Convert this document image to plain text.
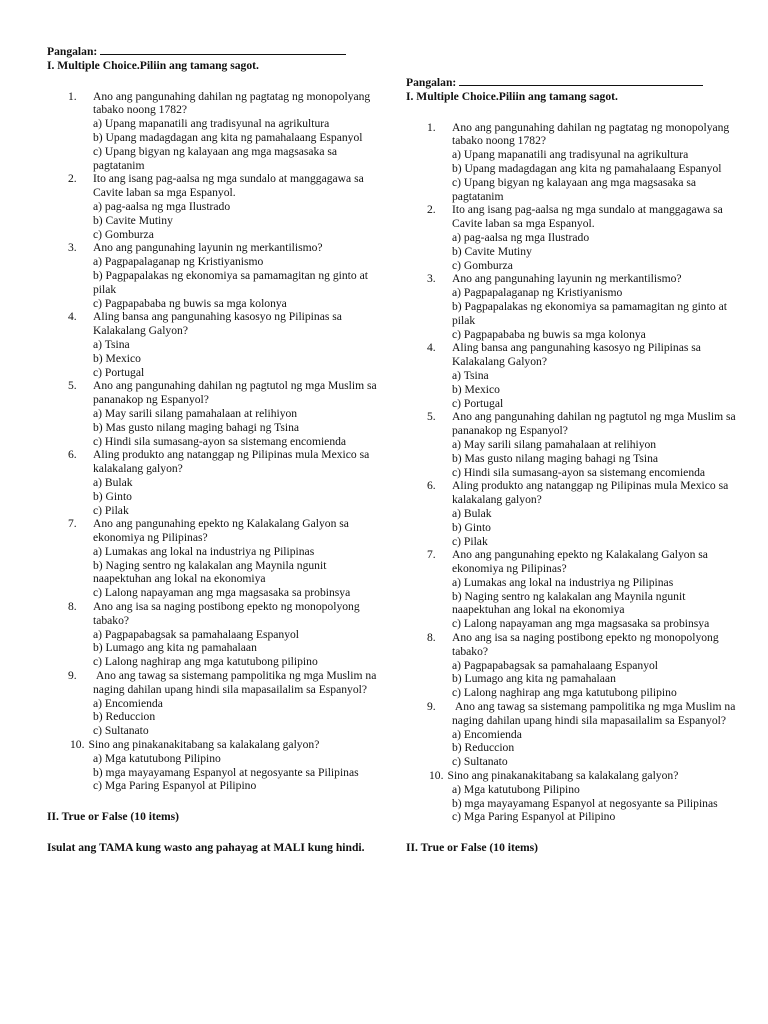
Pangalan:
I. Multiple Choice.Piliin ang tamang sagot.
1. Ano ang pangunahing dahilan ng pagtatag ng monopolyang tabako noong 1782?
a) Upang mapanatili ang tradisyunal na agrikultura
b) Upang madagdagan ang kita ng pamahalaang Espanyol
c) Upang bigyan ng kalayaan ang mga magsasaka sa pagtatanim
2. Ito ang isang pag-aalsa ng mga sundalo at manggagawa sa Cavite laban sa mga Espanyol.
a) pag-aalsa ng mga Ilustrado
b) Cavite Mutiny
c) Gomburza
3. Ano ang pangunahing layunin ng merkantilismo?
a) Pagpapalaganap ng Kristiyanismo
b) Pagpapalakas ng ekonomiya sa pamamagitan ng ginto at pilak
c) Pagpapababa ng buwis sa mga kolonya
4. Aling bansa ang pangunahing kasosyo ng Pilipinas sa Kalakalang Galyon?
a) Tsina
b) Mexico
c) Portugal
5. Ano ang pangunahing dahilan ng pagtutol ng mga Muslim sa pananakop ng Espanyol?
a) May sarili silang pamahalaan at relihiyon
b) Mas gusto nilang maging bahagi ng Tsina
c) Hindi sila sumasang-ayon sa sistemang encomienda
6. Aling produkto ang natanggap ng Pilipinas mula Mexico sa kalakalang galyon?
a) Bulak
b) Ginto
c) Pilak
7. Ano ang pangunahing epekto ng Kalakalang Galyon sa ekonomiya ng Pilipinas?
a) Lumakas ang lokal na industriya ng Pilipinas
b) Naging sentro ng kalakalan ang Maynila ngunit naapektuhan ang lokal na ekonomiya
c) Lalong napayaman ang mga magsasaka sa probinsya
8. Ano ang isa sa naging postibong epekto ng monopolyong tabako?
a) Pagpapabagsak sa pamahalaang Espanyol
b) Lumago ang kita ng pamahalaan
c) Lalong naghirap ang mga katutubong pilipino
9. Ano ang tawag sa sistemang pampolitika ng mga Muslim na naging dahilan upang hindi sila mapasailalim sa Espanyol?
a) Encomienda
b) Reduccion
c) Sultanato
10. Sino ang pinakanakitabang sa kalakalang galyon?
a) Mga katutubong Pilipino
b) mga mayayamang Espanyol at negosyante sa Pilipinas
c) Mga Paring Espanyol at Pilipino
II. True or False (10 items)
Isulat ang TAMA kung wasto ang pahayag at MALI kung hindi.
Pangalan:
I. Multiple Choice.Piliin ang tamang sagot.
1. Ano ang pangunahing dahilan ng pagtatag ng monopolyang tabako noong 1782?
a) Upang mapanatili ang tradisyunal na agrikultura
b) Upang madagdagan ang kita ng pamahalaang Espanyol
c) Upang bigyan ng kalayaan ang mga magsasaka sa pagtatanim
2. Ito ang isang pag-aalsa ng mga sundalo at manggagawa sa Cavite laban sa mga Espanyol.
a) pag-aalsa ng mga Ilustrado
b) Cavite Mutiny
c) Gomburza
3. Ano ang pangunahing layunin ng merkantilismo?
a) Pagpapalaganap ng Kristiyanismo
b) Pagpapalakas ng ekonomiya sa pamamagitan ng ginto at pilak
c) Pagpapababa ng buwis sa mga kolonya
4. Aling bansa ang pangunahing kasosyo ng Pilipinas sa Kalakalang Galyon?
a) Tsina
b) Mexico
c) Portugal
5. Ano ang pangunahing dahilan ng pagtutol ng mga Muslim sa pananakop ng Espanyol?
a) May sarili silang pamahalaan at relihiyon
b) Mas gusto nilang maging bahagi ng Tsina
c) Hindi sila sumasang-ayon sa sistemang encomienda
6. Aling produkto ang natanggap ng Pilipinas mula Mexico sa kalakalang galyon?
a) Bulak
b) Ginto
c) Pilak
7. Ano ang pangunahing epekto ng Kalakalang Galyon sa ekonomiya ng Pilipinas?
a) Lumakas ang lokal na industriya ng Pilipinas
b) Naging sentro ng kalakalan ang Maynila ngunit naapektuhan ang lokal na ekonomiya
c) Lalong napayaman ang mga magsasaka sa probinsya
8. Ano ang isa sa naging postibong epekto ng monopolyong tabako?
a) Pagpapabagsak sa pamahalaang Espanyol
b) Lumago ang kita ng pamahalaan
c) Lalong naghirap ang mga katutubong pilipino
9. Ano ang tawag sa sistemang pampolitika ng mga Muslim na naging dahilan upang hindi sila mapasailalim sa Espanyol?
a) Encomienda
b) Reduccion
c) Sultanato
10. Sino ang pinakanakitabang sa kalakalang galyon?
a) Mga katutubong Pilipino
b) mga mayayamang Espanyol at negosyante sa Pilipinas
c) Mga Paring Espanyol at Pilipino
II. True or False (10 items)
